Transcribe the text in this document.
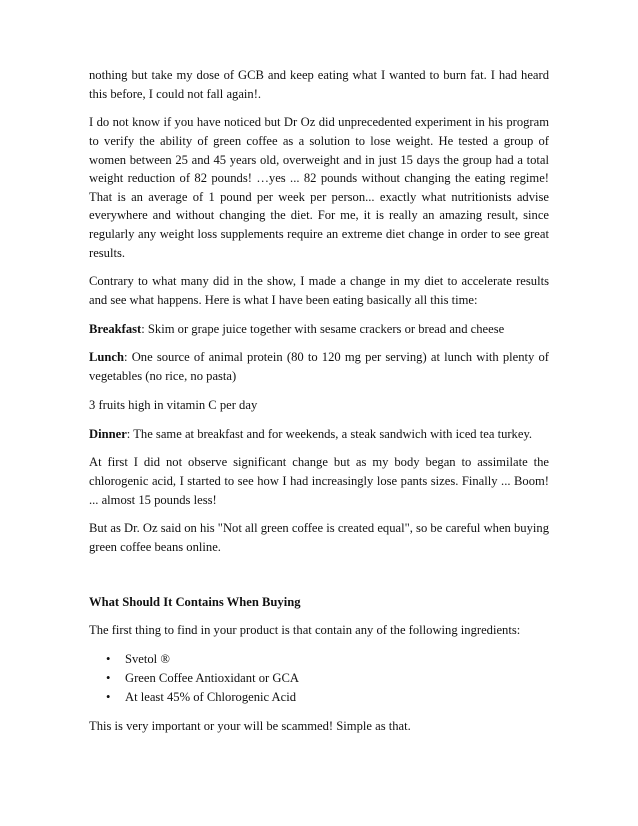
nothing but take my dose of GCB and keep eating what I wanted to burn fat. I had heard this before, I could not fall again!.

I do not know if you have noticed but Dr Oz did unprecedented experiment in his program to verify the ability of green coffee as a solution to lose weight. He tested a group of women between 25 and 45 years old, overweight and in just 15 days the group had a total weight reduction of 82 pounds! …yes ... 82 pounds without changing the eating regime! That is an average of 1 pound per week per person... exactly what nutritionists advise everywhere and without changing the diet. For me, it is really an amazing result, since regularly any weight loss supplements require an extreme diet change in order to see great results.

Contrary to what many did in the show, I made a change in my diet to accelerate results and see what happens. Here is what I have been eating basically all this time:

Breakfast: Skim or grape juice together with sesame crackers or bread and cheese

Lunch: One source of animal protein (80 to 120 mg per serving) at lunch with plenty of vegetables (no rice, no pasta)

3 fruits high in vitamin C per day

Dinner: The same at breakfast and for weekends, a steak sandwich with iced tea turkey.

At first I did not observe significant change but as my body began to assimilate the chlorogenic acid, I started to see how I had increasingly lose pants sizes. Finally ... Boom! ... almost 15 pounds less!

But as Dr. Oz said on his "Not all green coffee is created equal", so be careful when buying green coffee beans online.

What Should It Contains When Buying

The first thing to find in your product is that contain any of the following ingredients:

• Svetol ®
• Green Coffee Antioxidant or GCA
• At least 45% of Chlorogenic Acid

This is very important or your will be scammed! Simple as that.
